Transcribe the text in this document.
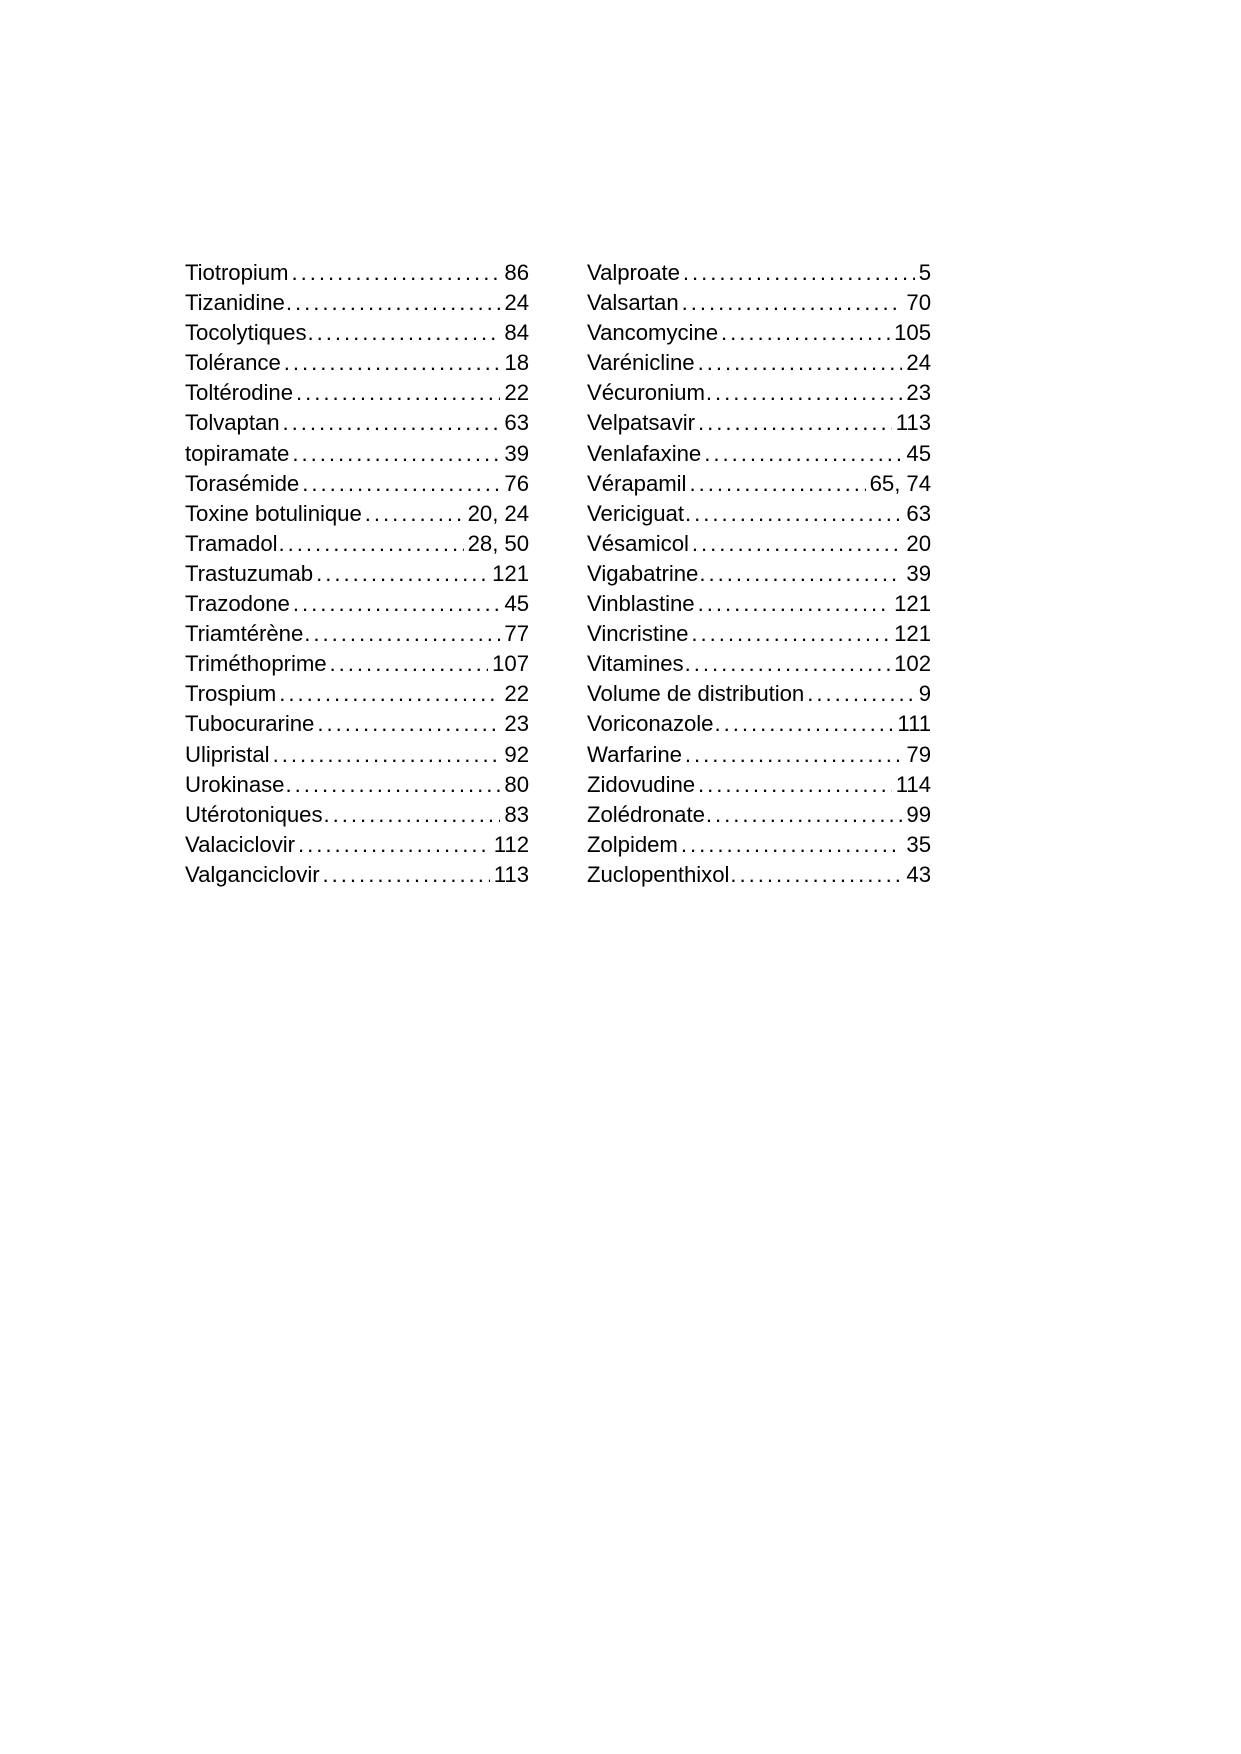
Tiotropium . . .	86
Tizanidine . . .	24
Tocolytiques . . .	84
Tolérance . . .	18
Toltérodine . . .	22
Tolvaptan . . .	63
topiramate . . .	39
Torasémide . . .	76
Toxine botulinique . . .	20, 24
Tramadol . . .	28, 50
Trastuzumab . . .	121
Trazodone . . .	45
Triamtérène . . .	77
Triméthoprime . . .	107
Trospium . . .	22
Tubocurarine . . .	23
Ulipristal . . .	92
Urokinase . . .	80
Utérotoniques . . .	83
Valaciclovir . . .	112
Valganciclovir . . .	113
Valproate . . .	5
Valsartan . . .	70
Vancomycine . . .	105
Varénicline . . .	24
Vécuronium . . .	23
Velpatsavir . . .	113
Venlafaxine . . .	45
Vérapamil . . .	65, 74
Vericiguat . . .	63
Vésamicol . . .	20
Vigabatrine . . .	39
Vinblastine . . .	121
Vincristine . . .	121
Vitamines . . .	102
Volume de distribution . . .	9
Voriconazole . . .	111
Warfarine . . .	79
Zidovudine . . .	114
Zolédronate . . .	99
Zolpidem . . .	35
Zuclopenthixol . . .	43
